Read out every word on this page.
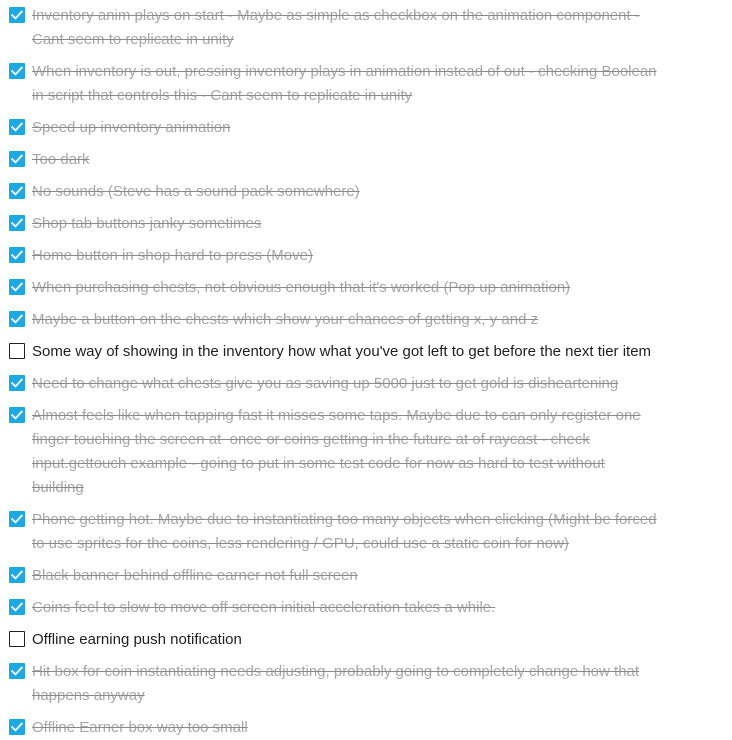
Inventory anim plays on start - Maybe as simple as checkbox on the animation component -
Cant seem to replicate in unity
When inventory is out, pressing inventory plays in animation instead of out - checking Boolean
in script that controls this - Cant seem to replicate in unity
Speed up inventory animation
Too dark
No sounds (Steve has a sound pack somewhere)
Shop tab buttons janky sometimes
Home button in shop hard to press (Move)
When purchasing chests, not obvious enough that it's worked (Pop up animation)
Maybe a button on the chests which show your chances of getting x, y and z
Some way of showing in the inventory how what you've got left to get before the next tier item
Need to change what chests give you as saving up 5000 just to get gold is disheartening
Almost feels like when tapping fast it misses some taps. Maybe due to can only register one
finger touching the screen at  once or coins getting in the future at of raycast - check
input.gettouch example - going to put in some test code for now as hard to test without
building
Phone getting hot. Maybe due to instantiating too many objects when clicking (Might be forced
to use sprites for the coins, less rendering / GPU, could use a static coin for now)
Black banner behind offline earner not full screen
Coins feel to slow to move off screen initial acceleration takes a while.
Offline earning push notification
Hit box for coin instantiating needs adjusting, probably going to completely change how that
happens anyway
Offline Earner box way too small
